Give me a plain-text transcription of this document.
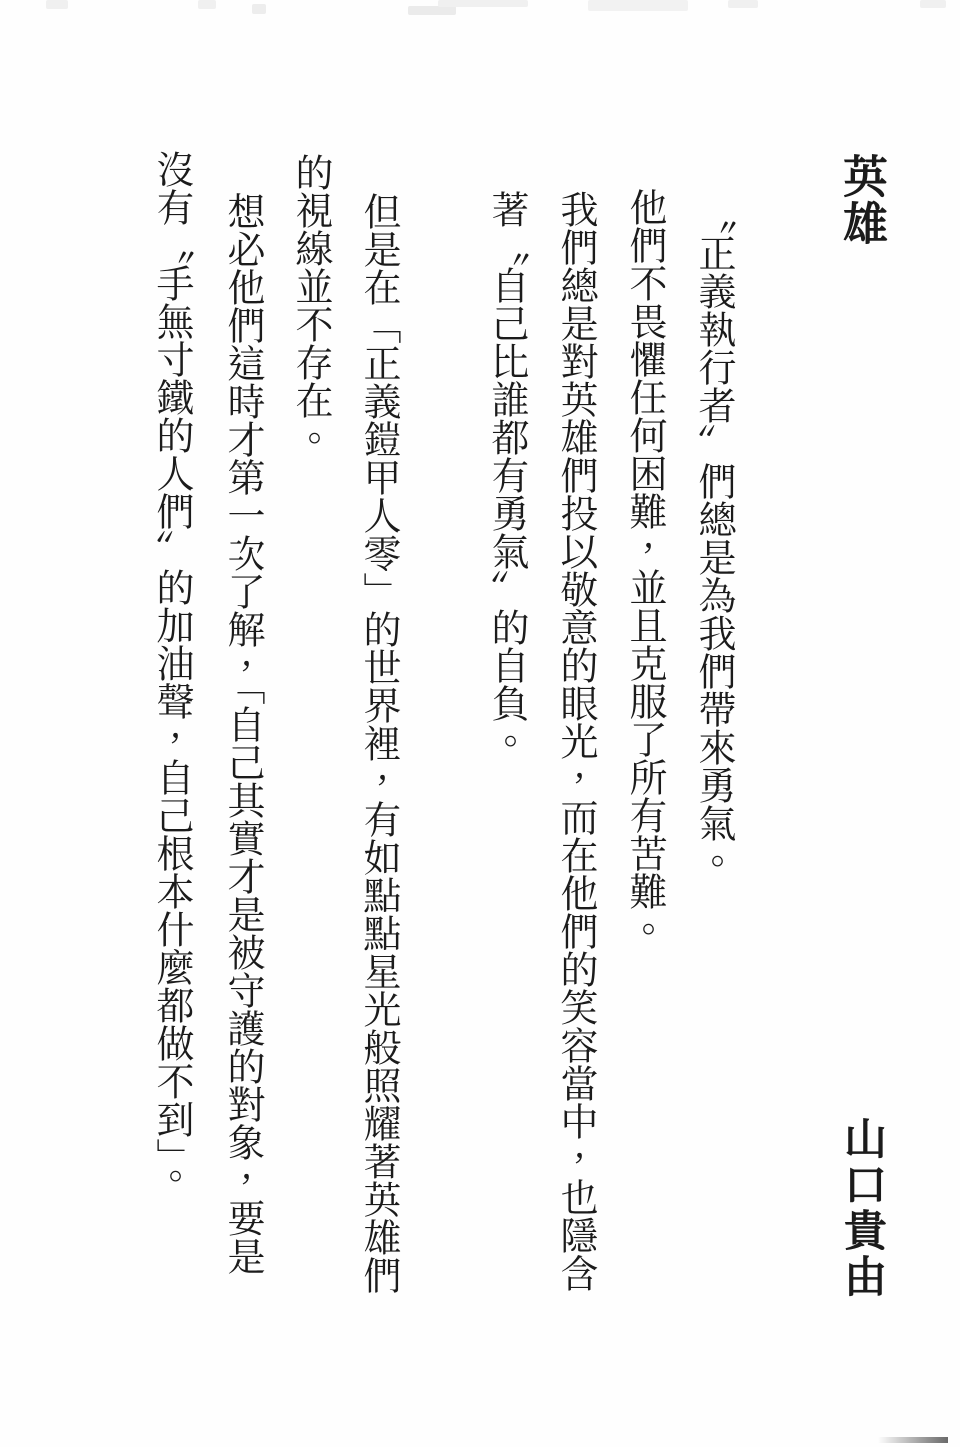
英雄
山口貴由
〝正義執行者〞們總是為我們帶來勇氣。
他們不畏懼任何困難，並且克服了所有苦難。
我們總是對英雄們投以敬意的眼光，而在他們的笑容當中，也隱含
著〝自己比誰都有勇氣〞的自負。
但是在「正義鎧甲人零」的世界裡，有如點點星光般照耀著英雄們
的視線並不存在。
想必他們這時才第一次了解，「自己其實才是被守護的對象，要是
沒有〝手無寸鐵的人們〞的加油聲，自己根本什麼都做不到」。
